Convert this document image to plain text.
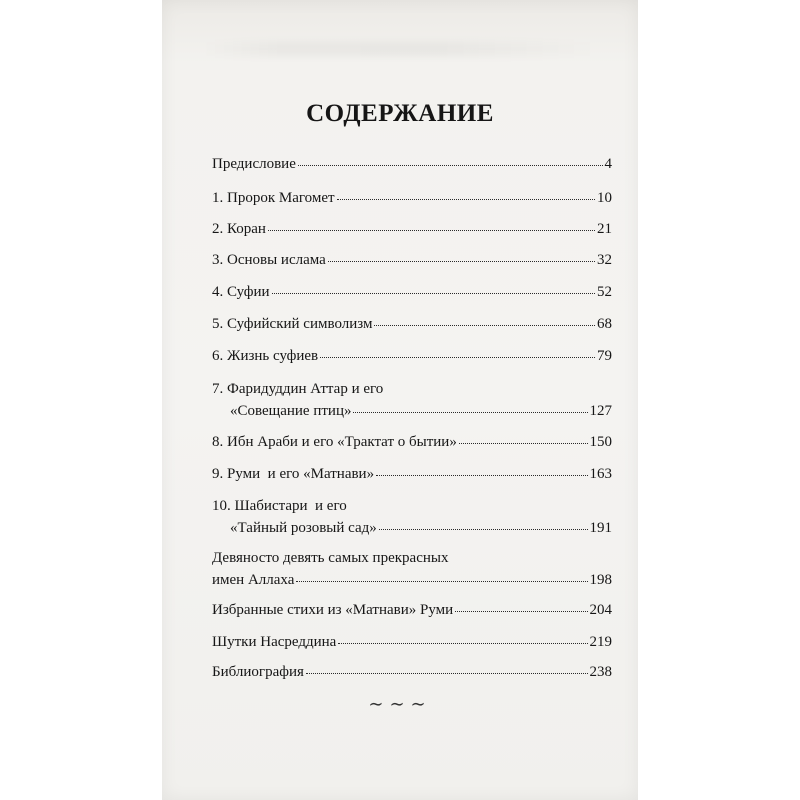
СОДЕРЖАНИЕ
Предисловие	4
1. Пророк Магомет	10
2. Коран	21
3. Основы ислама	32
4. Суфии	52
5. Суфийский символизм	68
6. Жизнь суфиев	79
7. Фаридуддин Аттар и его
«Совещание птиц»	127
8. Ибн Араби и его «Трактат о бытии»	150
9. Руми  и его «Матнави»	163
10. Шабистари  и его
«Тайный розовый сад»	191
Девяносто девять самых прекрасных
имен Аллаха	198
Избранные стихи из «Матнави» Руми	204
Шутки Насреддина	219
Библиография	238
∼∼∼
